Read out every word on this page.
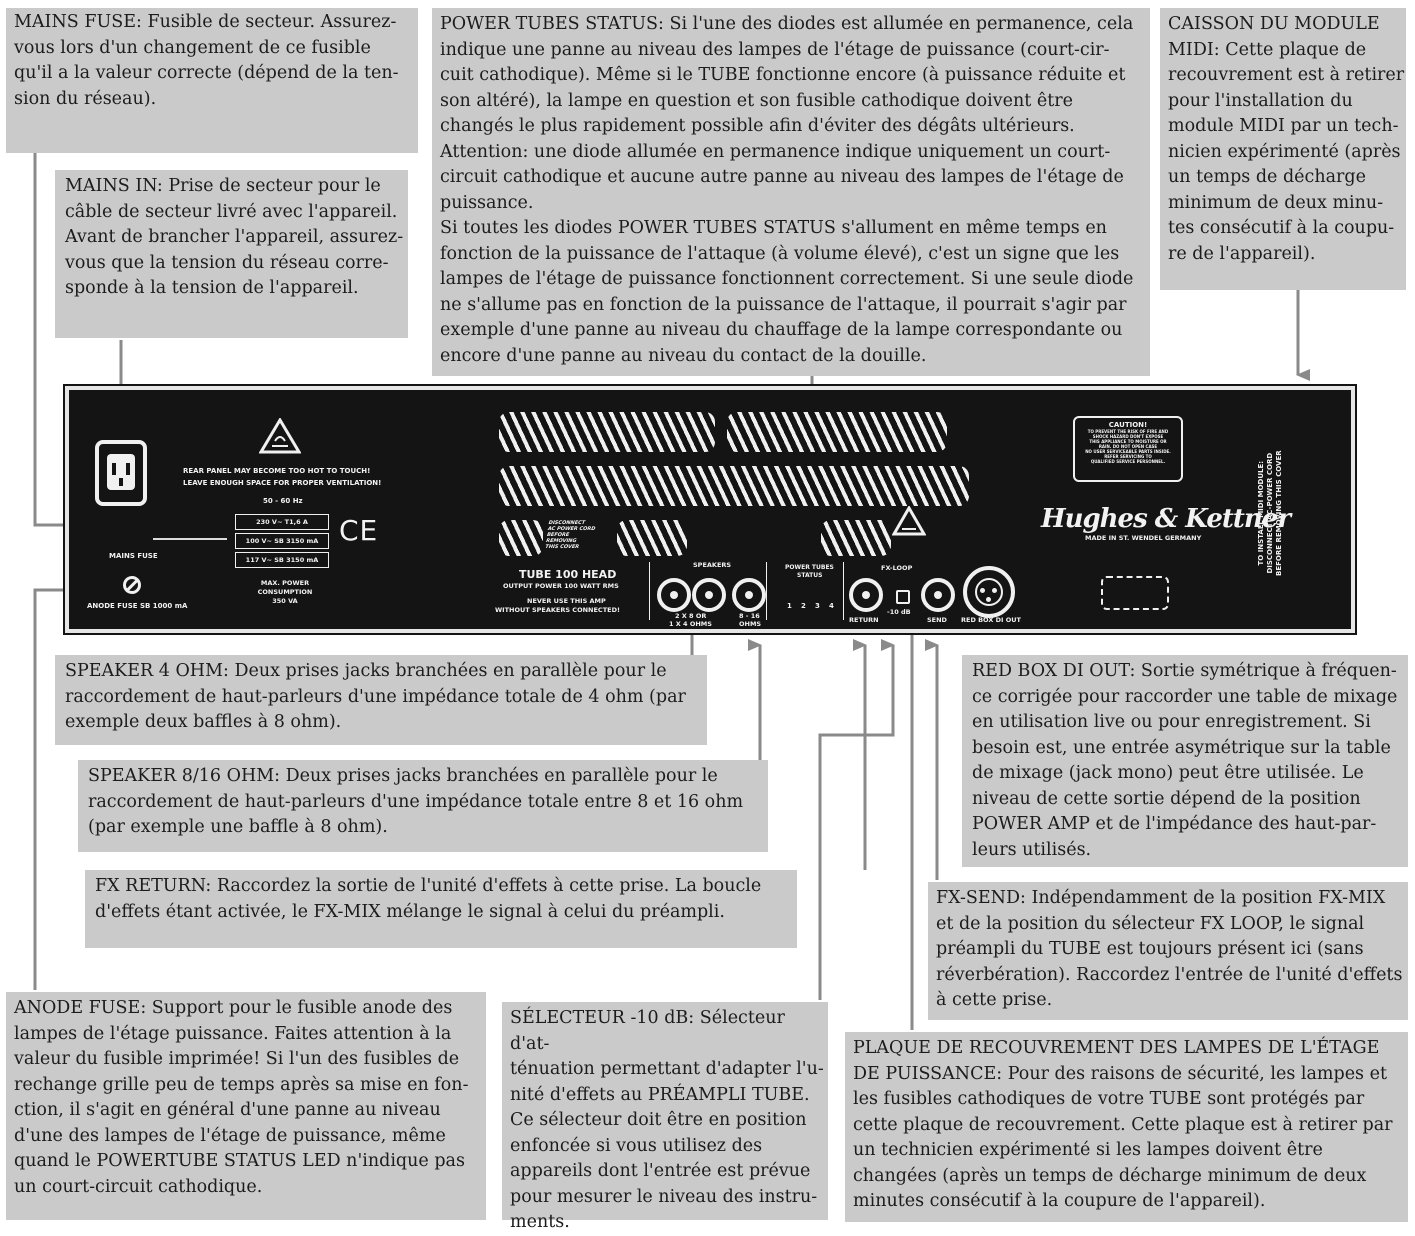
MAINS FUSE: Fusible de secteur. Assurez-
vous lors d'un changement de ce fusible
qu'il a la valeur correcte (dépend de la ten-
sion du réseau).
MAINS IN: Prise de secteur pour le
câble de secteur livré avec l'appareil.
Avant de brancher l'appareil, assurez-
vous que la tension du réseau corre-
sponde à la tension de l'appareil.
POWER TUBES STATUS: Si l'une des diodes est allumée en permanence, cela
indique une panne au niveau des lampes de l'étage de puissance (court-cir-
cuit cathodique). Même si le TUBE fonctionne encore (à puissance réduite et
son altéré), la lampe en question et son fusible cathodique doivent être
changés le plus rapidement possible afin d'éviter des dégâts ultérieurs.
Attention: une diode allumée en permanence indique uniquement un court-
circuit cathodique et aucune autre panne au niveau des lampes de l'étage de
puissance.
Si toutes les diodes POWER TUBES STATUS s'allument en même temps en
fonction de la puissance de l'attaque (à volume élevé), c'est un signe que les
lampes de l'étage de puissance fonctionnent correctement. Si une seule diode
ne s'allume pas en fonction de la puissance de l'attaque, il pourrait s'agir par
exemple d'une panne au niveau du chauffage de la lampe correspondante ou
encore d'une panne au niveau du contact de la douille.
CAISSON DU MODULE
MIDI: Cette plaque de
recouvrement est à retirer
pour l'installation du
module MIDI par un tech-
nicien expérimenté (après
un temps de décharge
minimum de deux minu-
tes consécutif à la coupu-
re de l'appareil).
SPEAKER 4 OHM: Deux prises jacks branchées en parallèle pour le
raccordement de haut-parleurs d'une impédance totale de 4 ohm (par
exemple deux baffles à 8 ohm).
SPEAKER 8/16 OHM: Deux prises jacks branchées en parallèle pour le
raccordement de haut-parleurs d'une impédance totale entre 8 et 16 ohm
(par exemple une baffle à 8 ohm).
FX RETURN: Raccordez la sortie de l'unité d'effets à cette prise. La boucle
d'effets étant activée, le FX-MIX mélange le signal à celui du préampli.
RED BOX DI OUT: Sortie symétrique à fréquen-
ce corrigée pour raccorder une table de mixage
en utilisation live ou pour enregistrement. Si
besoin est, une entrée asymétrique sur la table
de mixage (jack mono) peut être utilisée. Le
niveau de cette sortie dépend de la position
POWER AMP et de l'impédance des haut-par-
leurs utilisés.
FX-SEND: Indépendamment de la position FX-MIX
et de la position du sélecteur FX LOOP, le signal
préampli du TUBE est toujours présent ici (sans
réverbération). Raccordez l'entrée de l'unité d'effets
à cette prise.
ANODE FUSE: Support pour le fusible anode des
lampes de l'étage puissance. Faites attention à la
valeur du fusible imprimée! Si l'un des fusibles de
rechange grille peu de temps après sa mise en fon-
ction, il s'agit en général d'une panne au niveau
d'une des lampes de l'étage de puissance, même
quand le POWERTUBE STATUS LED n'indique pas
un court-circuit cathodique.
SÉLECTEUR -10 dB: Sélecteur d'at-
ténuation permettant d'adapter l'u-
nité d'effets au PRÉAMPLI TUBE.
Ce sélecteur doit être en position
enfoncée si vous utilisez des
appareils dont l'entrée est prévue
pour mesurer le niveau des instru-
ments.
PLAQUE DE RECOUVREMENT DES LAMPES DE L'ÉTAGE
DE PUISSANCE: Pour des raisons de sécurité, les lampes et
les fusibles cathodiques de votre TUBE sont protégés par
cette plaque de recouvrement. Cette plaque est à retirer par
un technicien expérimenté si les lampes doivent être
changées (après un temps de décharge minimum de deux
minutes consécutif à la coupure de l'appareil).
MAINS FUSE
ANODE FUSE SB 1000 mA
REAR PANEL MAY BECOME TOO HOT TO TOUCH!
LEAVE ENOUGH SPACE FOR PROPER VENTILATION!
50 - 60 Hz
230 V~ T1,6 A
100 V~ SB 3150 mA
117 V~ SB 3150 mA
CE
MAX. POWER
CONSUMPTION
350 VA
DISCONNECT
AC POWER CORD
BEFORE
REMOVING
THIS COVER
TUBE 100 HEAD
OUTPUT POWER 100 WATT RMS
NEVER USE THIS AMP
WITHOUT SPEAKERS CONNECTED!
SPEAKERS
2 X 8 OR
1 X 4 OHMS
8 - 16
OHMS
POWER TUBES
STATUS
1 2 3 4
FX-LOOP
RETURN
-10 dB
SEND RED BOX DI OUT
CAUTION!
TO PREVENT THE RISK OF FIRE AND
SHOCK HAZARD DON'T EXPOSE
THIS APPLIANCE TO MOISTURE OR
RAIN. DO NOT OPEN CASE
NO USER SERVICEABLE PARTS INSIDE.
REFER SERVICING TO
QUALIFIED SERVICE PERSONNEL.
Hughes & Kettner
MADE IN ST. WENDEL GERMANY	TO INSTALL MIDI MODULE: DISCONNECT AC-POWER CORD BEFORE REMOVING THIS COVER
